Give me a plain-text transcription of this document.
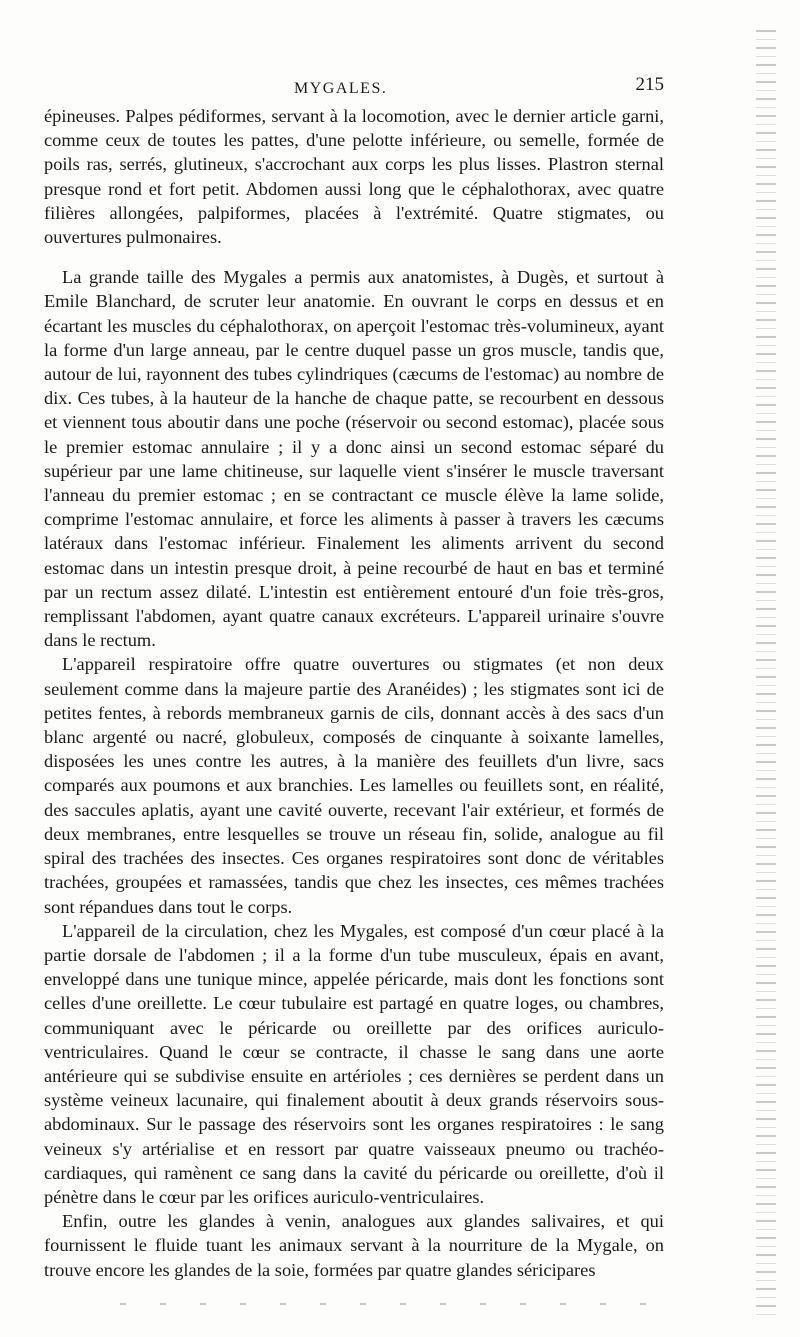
MYGALES.	215

épineuses. Palpes pédiformes, servant à la locomotion, avec le dernier article garni, comme ceux de toutes les pattes, d'une pelotte inférieure, ou semelle, formée de poils ras, serrés, glutineux, s'accrochant aux corps les plus lisses. Plastron sternal presque rond et fort petit. Abdomen aussi long que le céphalothorax, avec quatre filières allongées, palpiformes, placées à l'extrémité. Quatre stigmates, ou ouvertures pulmonaires.

La grande taille des Mygales a permis aux anatomistes, à Dugès, et surtout à Emile Blanchard, de scruter leur anatomie. En ouvrant le corps en dessus et en écartant les muscles du céphalothorax, on aperçoit l'estomac très-volumineux, ayant la forme d'un large anneau, par le centre duquel passe un gros muscle, tandis que, autour de lui, rayonnent des tubes cylindriques (cæcums de l'estomac) au nombre de dix. Ces tubes, à la hauteur de la hanche de chaque patte, se recourbent en dessous et viennent tous aboutir dans une poche (réservoir ou second estomac), placée sous le premier estomac annulaire ; il y a donc ainsi un second estomac séparé du supérieur par une lame chitineuse, sur laquelle vient s'insérer le muscle traversant l'anneau du premier estomac ; en se contractant ce muscle élève la lame solide, comprime l'estomac annulaire, et force les aliments à passer à travers les cæcums latéraux dans l'estomac inférieur. Finalement les aliments arrivent du second estomac dans un intestin presque droit, à peine recourbé de haut en bas et terminé par un rectum assez dilaté. L'intestin est entièrement entouré d'un foie très-gros, remplissant l'abdomen, ayant quatre canaux excréteurs. L'appareil urinaire s'ouvre dans le rectum.

L'appareil respiratoire offre quatre ouvertures ou stigmates (et non deux seulement comme dans la majeure partie des Aranéides) ; les stigmates sont ici de petites fentes, à rebords membraneux garnis de cils, donnant accès à des sacs d'un blanc argenté ou nacré, globuleux, composés de cinquante à soixante lamelles, disposées les unes contre les autres, à la manière des feuillets d'un livre, sacs comparés aux poumons et aux branchies. Les lamelles ou feuillets sont, en réalité, des saccules aplatis, ayant une cavité ouverte, recevant l'air extérieur, et formés de deux membranes, entre lesquelles se trouve un réseau fin, solide, analogue au fil spiral des trachées des insectes. Ces organes respiratoires sont donc de véritables trachées, groupées et ramassées, tandis que chez les insectes, ces mêmes trachées sont répandues dans tout le corps.

L'appareil de la circulation, chez les Mygales, est composé d'un cœur placé à la partie dorsale de l'abdomen ; il a la forme d'un tube musculeux, épais en avant, enveloppé dans une tunique mince, appelée péricarde, mais dont les fonctions sont celles d'une oreillette. Le cœur tubulaire est partagé en quatre loges, ou chambres, communiquant avec le péricarde ou oreillette par des orifices auriculo-ventriculaires. Quand le cœur se contracte, il chasse le sang dans une aorte antérieure qui se subdivise ensuite en artérioles ; ces dernières se perdent dans un système veineux lacunaire, qui finalement aboutit à deux grands réservoirs sous-abdominaux. Sur le passage des réservoirs sont les organes respiratoires : le sang veineux s'y artérialise et en ressort par quatre vaisseaux pneumo ou trachéo-cardiaques, qui ramènent ce sang dans la cavité du péricarde ou oreillette, d'où il pénètre dans le cœur par les orifices auriculo-ventriculaires.

Enfin, outre les glandes à venin, analogues aux glandes salivaires, et qui fournissent le fluide tuant les animaux servant à la nourriture de la Mygale, on trouve encore les glandes de la soie, formées par quatre glandes séricipares
